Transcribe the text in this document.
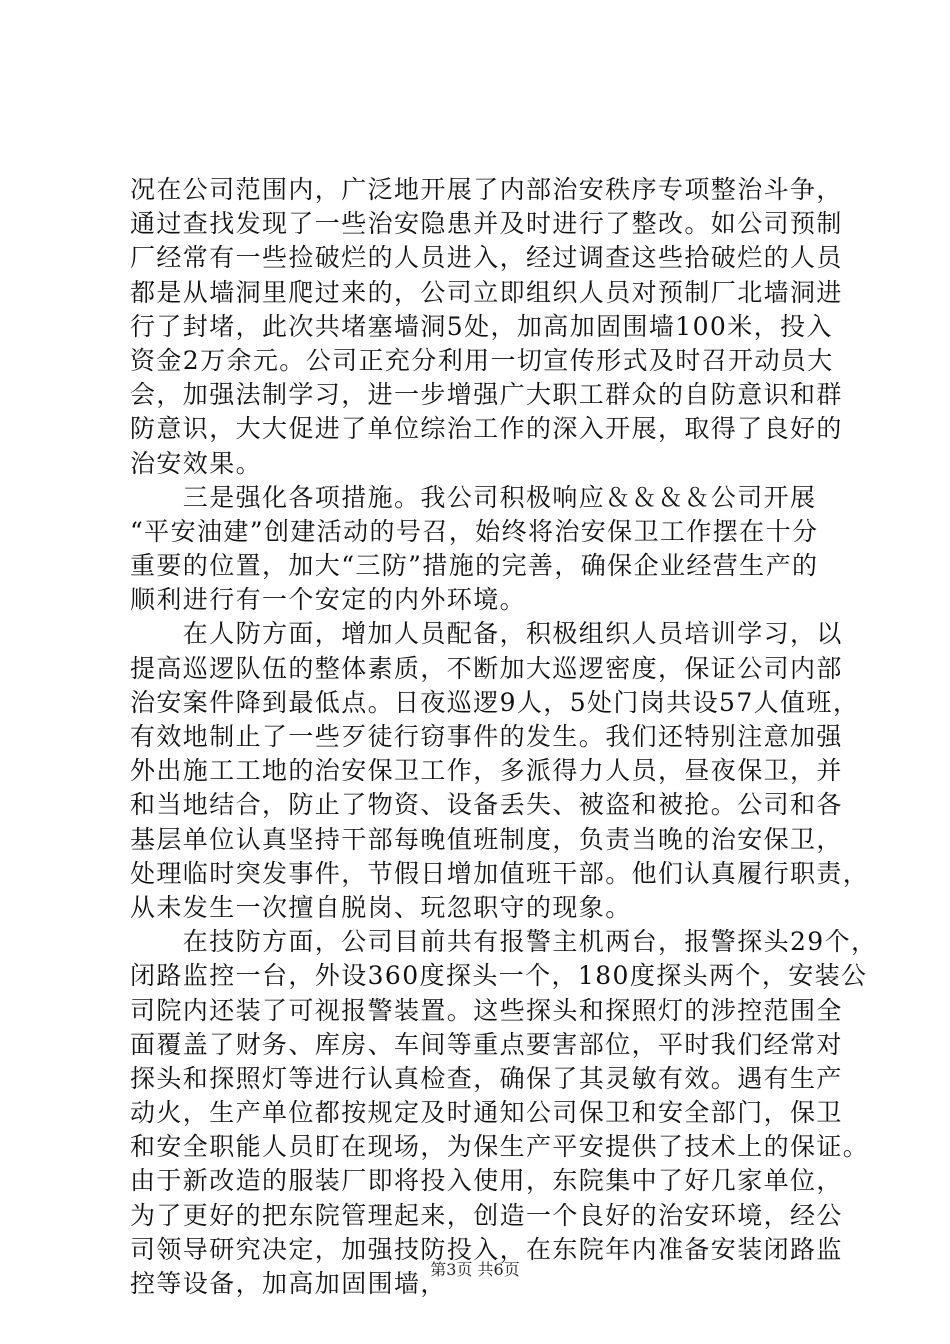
况在公司范围内，广泛地开展了内部治安秩序专项整治斗争，
通过查找发现了一些治安隐患并及时进行了整改。如公司预制
厂经常有一些捡破烂的人员进入，经过调查这些拾破烂的人员
都是从墙洞里爬过来的，公司立即组织人员对预制厂北墙洞进
行了封堵，此次共堵塞墙洞5处，加高加固围墙100米，投入
资金2万余元。公司正充分利用一切宣传形式及时召开动员大
会，加强法制学习，进一步增强广大职工群众的自防意识和群
防意识，大大促进了单位综治工作的深入开展，取得了良好的
治安效果。
　　三是强化各项措施。我公司积极响应＆＆＆＆公司开展
“平安油建”创建活动的号召，始终将治安保卫工作摆在十分
重要的位置，加大“三防”措施的完善，确保企业经营生产的
顺利进行有一个安定的内外环境。
　　在人防方面，增加人员配备，积极组织人员培训学习，以
提高巡逻队伍的整体素质，不断加大巡逻密度，保证公司内部
治安案件降到最低点。日夜巡逻9人，5处门岗共设57人值班，
有效地制止了一些歹徒行窃事件的发生。我们还特别注意加强
外出施工工地的治安保卫工作，多派得力人员，昼夜保卫，并
和当地结合，防止了物资、设备丢失、被盗和被抢。公司和各
基层单位认真坚持干部每晚值班制度，负责当晚的治安保卫，
处理临时突发事件，节假日增加值班干部。他们认真履行职责，
从未发生一次擅自脱岗、玩忽职守的现象。
　　在技防方面，公司目前共有报警主机两台，报警探头29个，
闭路监控一台，外设360度探头一个，180度探头两个，安装公
司院内还装了可视报警装置。这些探头和探照灯的涉控范围全
面覆盖了财务、库房、车间等重点要害部位，平时我们经常对
探头和探照灯等进行认真检查，确保了其灵敏有效。遇有生产
动火，生产单位都按规定及时通知公司保卫和安全部门，保卫
和安全职能人员盯在现场，为保生产平安提供了技术上的保证。
由于新改造的服装厂即将投入使用，东院集中了好几家单位，
为了更好的把东院管理起来，创造一个良好的治安环境，经公
司领导研究决定，加强技防投入，在东院年内准备安装闭路监
控等设备，加高加固围墙，
第3页 共6页
